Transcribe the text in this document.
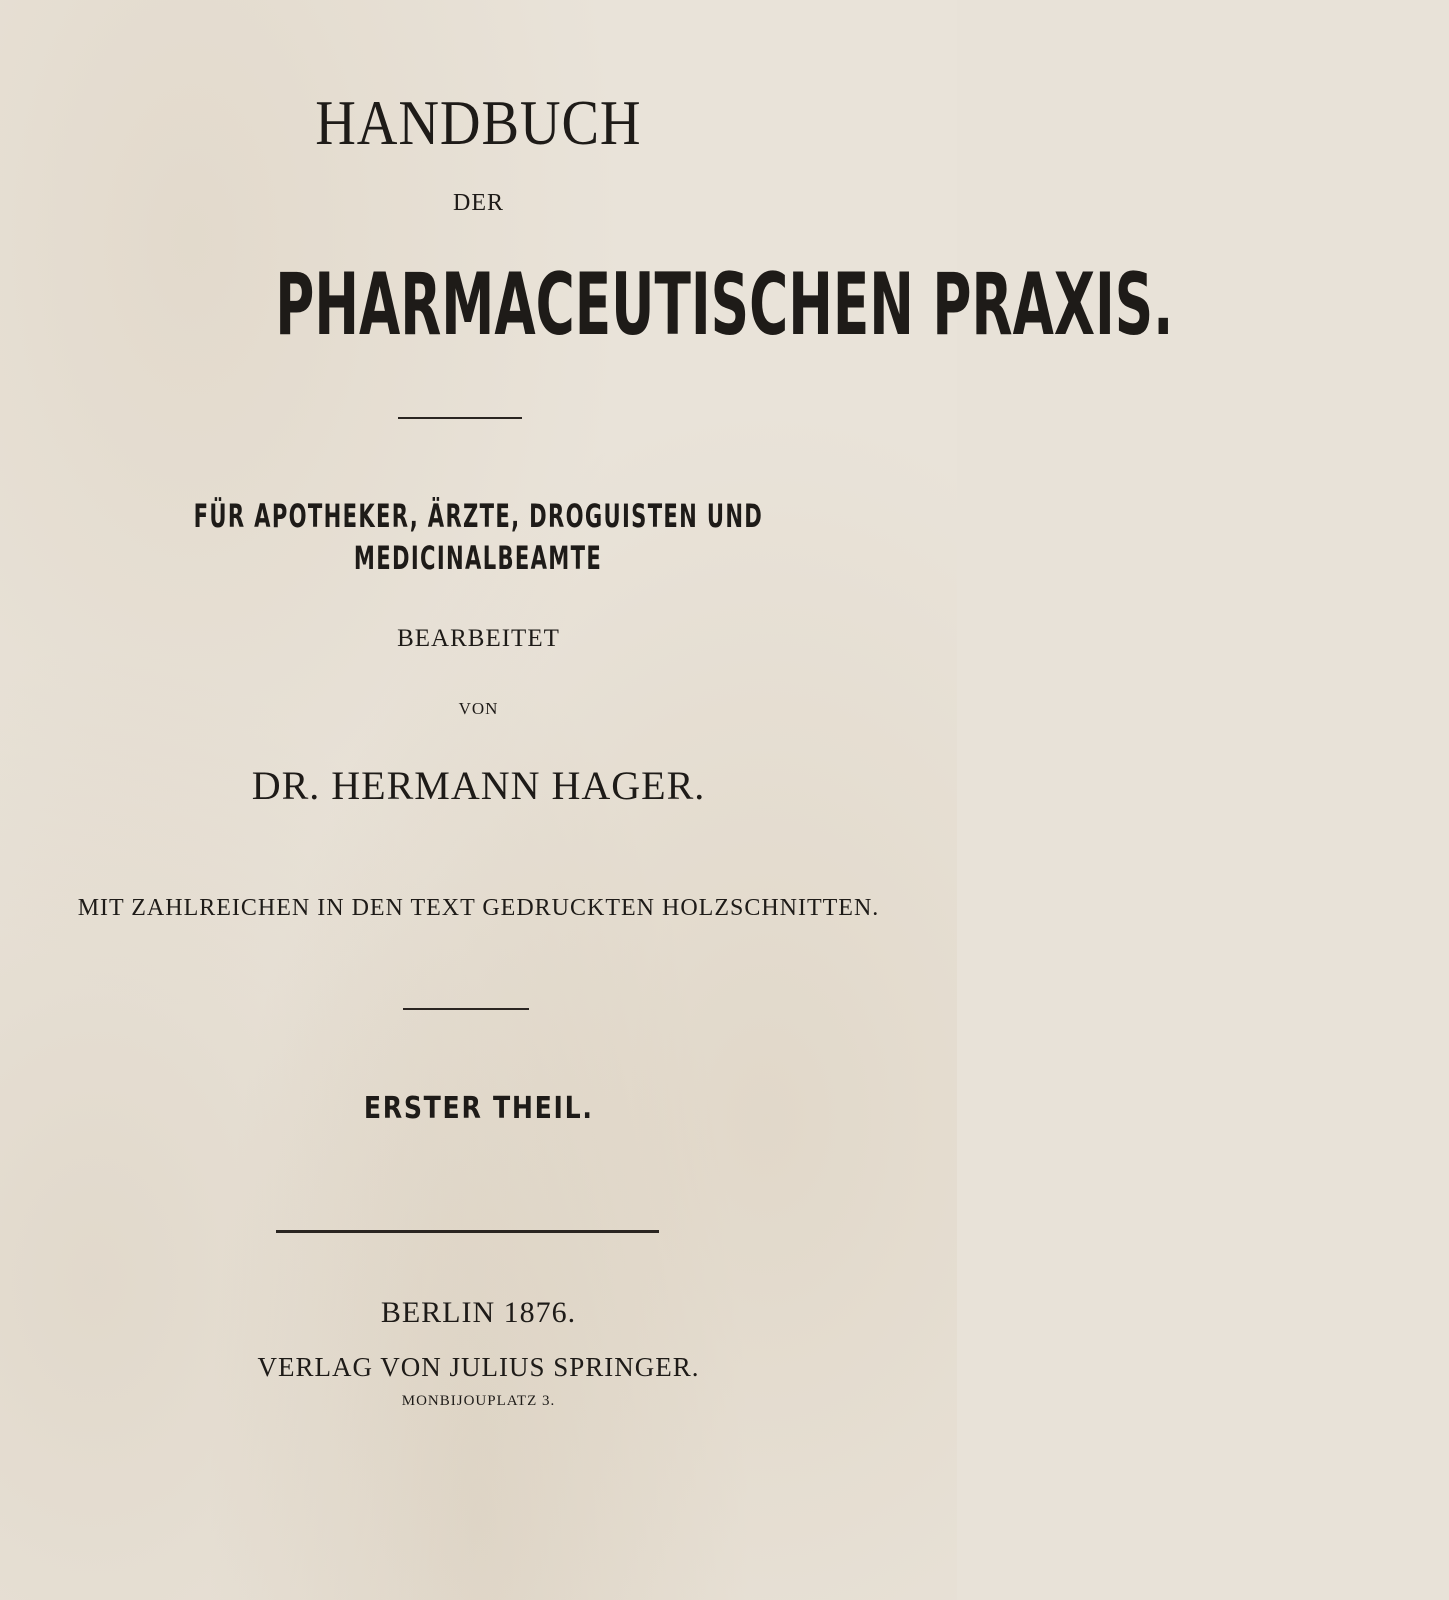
HANDBUCH
DER
PHARMACEUTISCHEN PRAXIS.
FÜR APOTHEKER, ÄRZTE, DROGUISTEN UND
MEDICINALBEAMTE
BEARBEITET
VON
DR. HERMANN HAGER.
MIT ZAHLREICHEN IN DEN TEXT GEDRUCKTEN HOLZSCHNITTEN.
ERSTER THEIL.
BERLIN 1876.
VERLAG VON JULIUS SPRINGER.
MONBIJOUPLATZ 3.
